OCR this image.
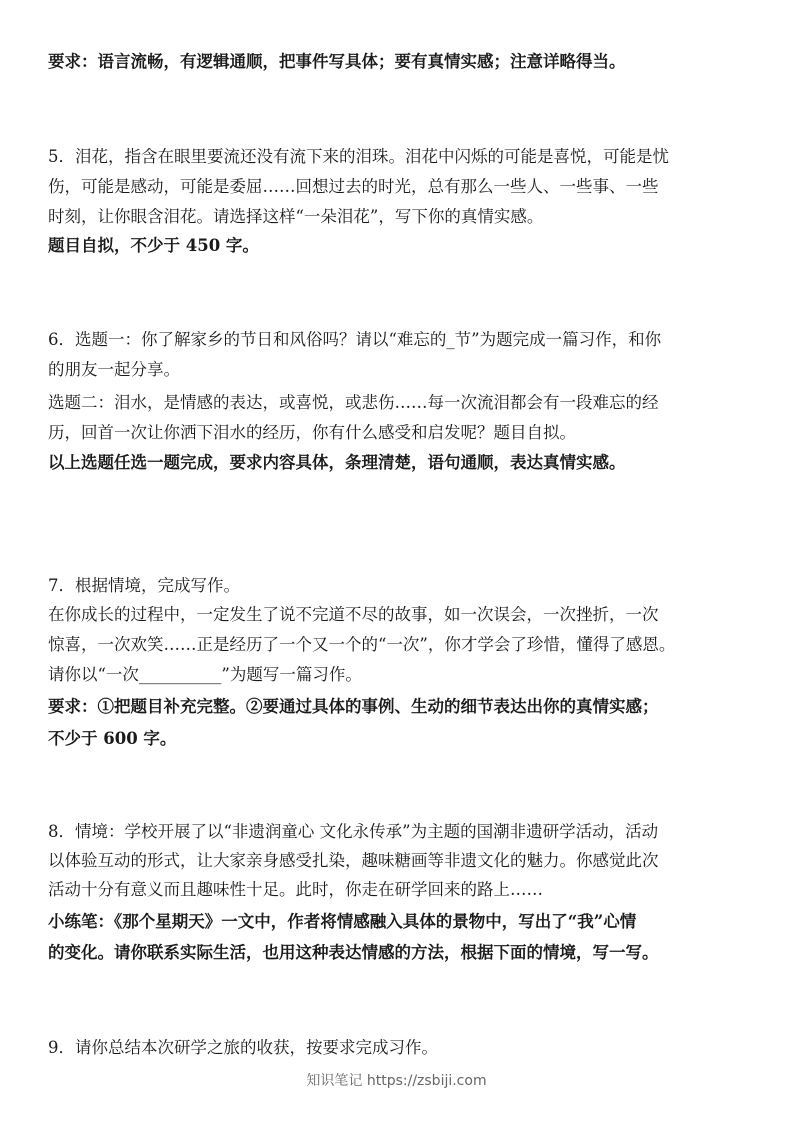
要求：语言流畅，有逻辑通顺，把事件写具体；要有真情实感；注意详略得当。
5．泪花，指含在眼里要流还没有流下来的泪珠。泪花中闪烁的可能是喜悦，可能是忧
伤，可能是感动，可能是委屈……回想过去的时光，总有那么一些人、一些事、一些
时刻，让你眼含泪花。请选择这样“一朵泪花”，写下你的真情实感。
题目自拟，不少于 450 字。
6．选题一：你了解家乡的节日和风俗吗？请以“难忘的_节”为题完成一篇习作，和你
的朋友一起分享。
选题二：泪水，是情感的表达，或喜悦，或悲伤……每一次流泪都会有一段难忘的经
历，回首一次让你洒下泪水的经历，你有什么感受和启发呢？题目自拟。
以上选题任选一题完成，要求内容具体，条理清楚，语句通顺，表达真情实感。
7．根据情境，完成写作。
在你成长的过程中，一定发生了说不完道不尽的故事，如一次误会，一次挫折，一次
惊喜，一次欢笑……正是经历了一个又一个的“一次”，你才学会了珍惜，懂得了感恩。
请你以“一次__________”为题写一篇习作。
要求：①把题目补充完整。②要通过具体的事例、生动的细节表达出你的真情实感；
不少于 600 字。
8．情境：学校开展了以“非遗润童心 文化永传承”为主题的国潮非遗研学活动，活动
以体验互动的形式，让大家亲身感受扎染，趣味糖画等非遗文化的魅力。你感觉此次
活动十分有意义而且趣味性十足。此时，你走在研学回来的路上……
小练笔：《那个星期天》一文中，作者将情感融入具体的景物中，写出了“我”心情
的变化。请你联系实际生活，也用这种表达情感的方法，根据下面的情境，写一写。
9．请你总结本次研学之旅的收获，按要求完成习作。
知识笔记 https://zsbiji.com
